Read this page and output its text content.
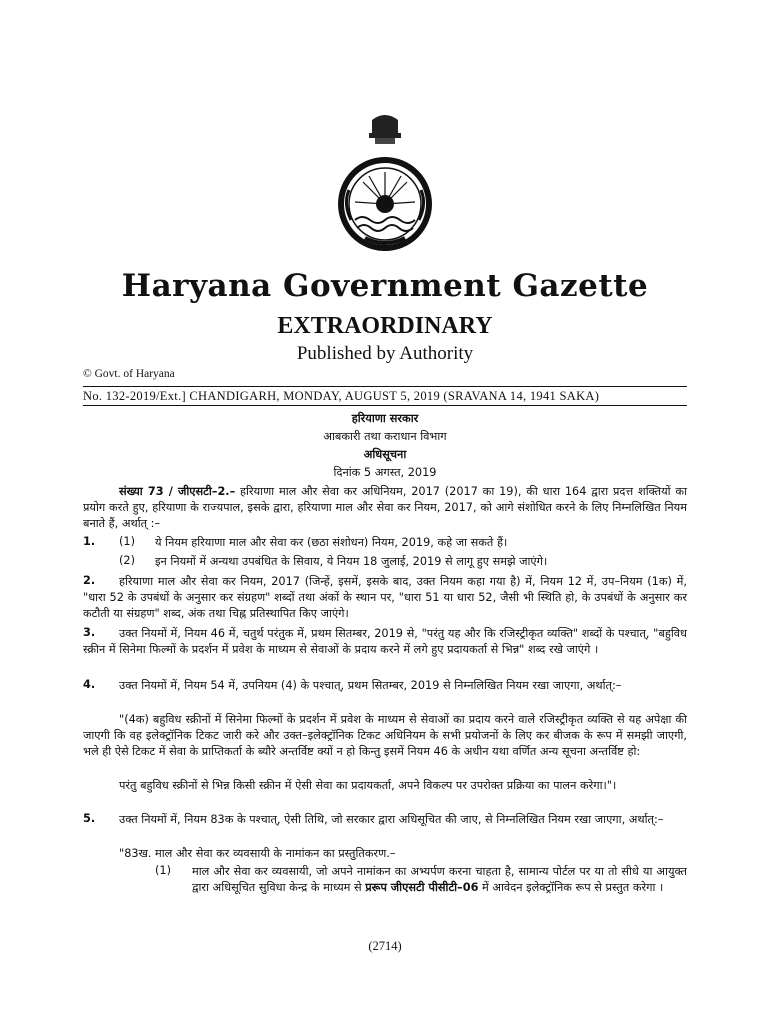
Haryana Government Gazette
EXTRAORDINARY
Published by Authority
© Govt. of Haryana
No. 132-2019/Ext.] CHANDIGARH, MONDAY, AUGUST 5, 2019 (SRAVANA 14, 1941 SAKA)
हरियाणा सरकार
आबकारी तथा कराधान विभाग
अधिसूचना
दिनांक 5 अगस्त, 2019
संख्या 73 / जीएसटी–2.– हरियाणा माल और सेवा कर अधिनियम, 2017 (2017 का 19), की धारा 164 द्वारा प्रदत्त शक्तियों का प्रयोग करते हुए, हरियाणा के राज्यपाल, इसके द्वारा, हरियाणा माल और सेवा कर नियम, 2017, को आगे संशोधित करने के लिए निम्नलिखित नियम बनाते हैं, अर्थात् :–
1. (1) ये नियम हरियाणा माल और सेवा कर (छठा संशोधन) नियम, 2019, कहे जा सकते हैं।
(2) इन नियमों में अन्यथा उपबंधित के सिवाय, ये नियम 18 जुलाई, 2019 से लागू हुए समझे जाएंगे।
2.	हरियाणा माल और सेवा कर नियम, 2017 (जिन्हें, इसमें, इसके बाद, उक्त नियम कहा गया है) में, नियम 12 में, उप–नियम (1क) में, "धारा 52 के उपबंधों के अनुसार कर संग्रहण" शब्दों तथा अंकों के स्थान पर, "धारा 51 या धारा 52, जैसी भी स्थिति हो, के उपबंधों के अनुसार कर कटौती या संग्रहण" शब्द, अंक तथा चिह्न प्रतिस्थापित किए जाएंगे।
3.	उक्त नियमों में, नियम 46 में, चतुर्थ परंतुक में, प्रथम सितम्बर, 2019 से, "परंतु यह और कि रजिस्ट्रीकृत व्यक्ति" शब्दों के पश्चात्, "बहुविध स्क्रीन में सिनेमा फिल्मों के प्रदर्शन में प्रवेश के माध्यम से सेवाओं के प्रदाय करने में लगे हुए प्रदायकर्ता से भिन्न" शब्द रखे जाएंगे ।
4.	उक्त नियमों में, नियम 54 में, उपनियम (4) के पश्चात्, प्रथम सितम्बर, 2019 से निम्नलिखित नियम रखा जाएगा, अर्थात्:–
"(4क) बहुविध स्क्रीनों में सिनेमा फिल्मों के प्रदर्शन में प्रवेश के माध्यम से सेवाओं का प्रदाय करने वाले रजिस्ट्रीकृत व्यक्ति से यह अपेक्षा की जाएगी कि वह इलेक्ट्रॉनिक टिकट जारी करे और उक्त–इलेक्ट्रॉनिक टिकट अधिनियम के सभी प्रयोजनों के लिए कर बीजक के रूप में समझी जाएगी, भले ही ऐसे टिकट में सेवा के प्राप्तिकर्ता के ब्यौरे अन्तर्विष्ट क्यों न हो किन्तु इसमें नियम 46 के अधीन यथा वर्णित अन्य सूचना अन्तर्विष्ट हो:
परंतु बहुविध स्क्रीनों से भिन्न किसी स्क्रीन में ऐसी सेवा का प्रदायकर्ता, अपने विकल्प पर उपरोक्त प्रक्रिया का पालन करेगा।"।
5.	उक्त नियमों में, नियम 83क के पश्चात्, ऐसी तिथि, जो सरकार द्वारा अधिसूचित की जाए, से निम्नलिखित नियम रखा जाएगा, अर्थात्:–
"83ख. माल और सेवा कर व्यवसायी के नामांकन का प्रस्तुतिकरण.–
(1) माल और सेवा कर व्यवसायी, जो अपने नामांकन का अभ्यर्पण करना चाहता है, सामान्य पोर्टल पर या तो सीधे या आयुक्त द्वारा अधिसूचित सुविधा केन्द्र के माध्यम से प्ररूप जीएसटी पीसीटी–06 में आवेदन इलेक्ट्रॉनिक रूप से प्रस्तुत करेगा ।
(2714)
